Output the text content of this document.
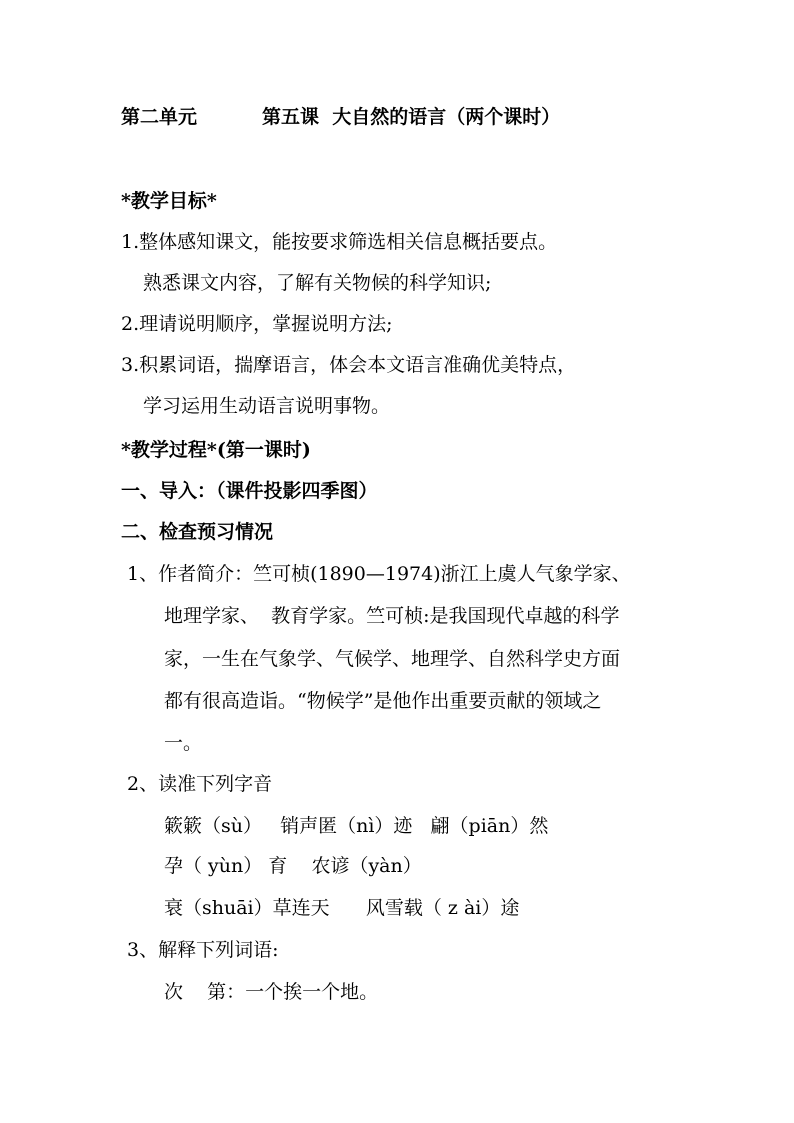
第二单元	第五课  大自然的语言（两个课时）
*教学目标*
1.整体感知课文，能按要求筛选相关信息概括要点。
熟悉课文内容，了解有关物候的科学知识;
2.理请说明顺序，掌握说明方法;
3.积累词语，揣摩语言，体会本文语言准确优美特点，
学习运用生动语言说明事物。
*教学过程*(第一课时)
一、导入：（课件投影四季图）
二、检查预习情况
1、作者简介：竺可桢(1890—1974)浙江上虞人气象学家、
地理学家、  教育学家。竺可桢:是我国现代卓越的科学
家，一生在气象学、气候学、地理学、自然科学史方面
都有很高造诣。“物候学”是他作出重要贡献的领域之
一。
2、读准下列字音
簌簌（sù）   销声匿（nì）迹   翩（piān）然
孕（ yùn） 育    农谚（yàn）
衰（shuāi）草连天      风雪载（ z ài）途
3、解释下列词语:
次    第：一个挨一个地。
